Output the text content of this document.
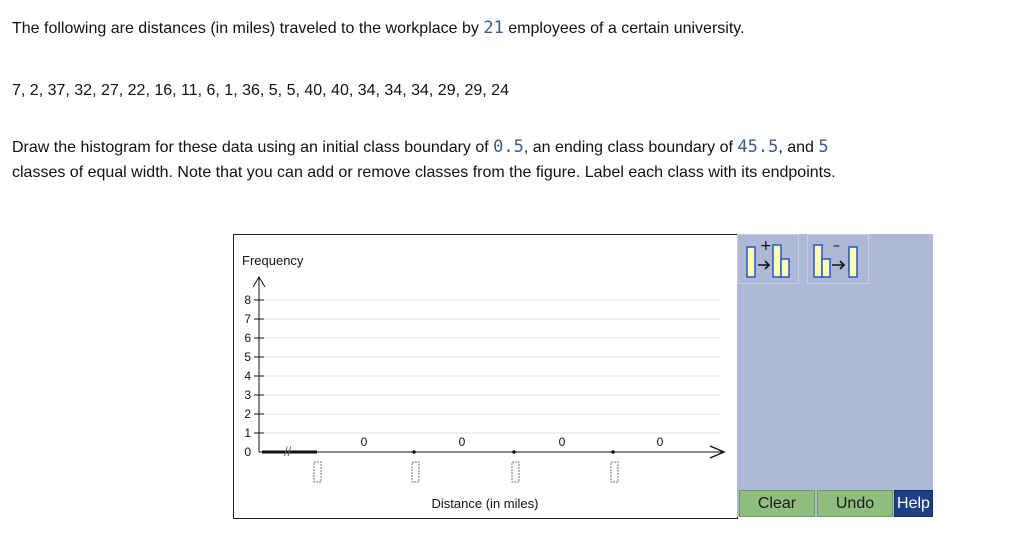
The following are distances (in miles) traveled to the workplace by 21 employees of a certain university.
7, 2, 37, 32, 27, 22, 16, 11, 6, 1, 36, 5, 5, 40, 40, 34, 34, 34, 29, 29, 24
Draw the histogram for these data using an initial class boundary of 0.5, an ending class boundary of 45.5, and 5 classes of equal width. Note that you can add or remove classes from the figure. Label each class with its endpoints.
0
1
2
3
4
5
6
7
8
Frequency
//
0	0	0	0
Distance (in miles)
+	–
Clear	Undo	Help
